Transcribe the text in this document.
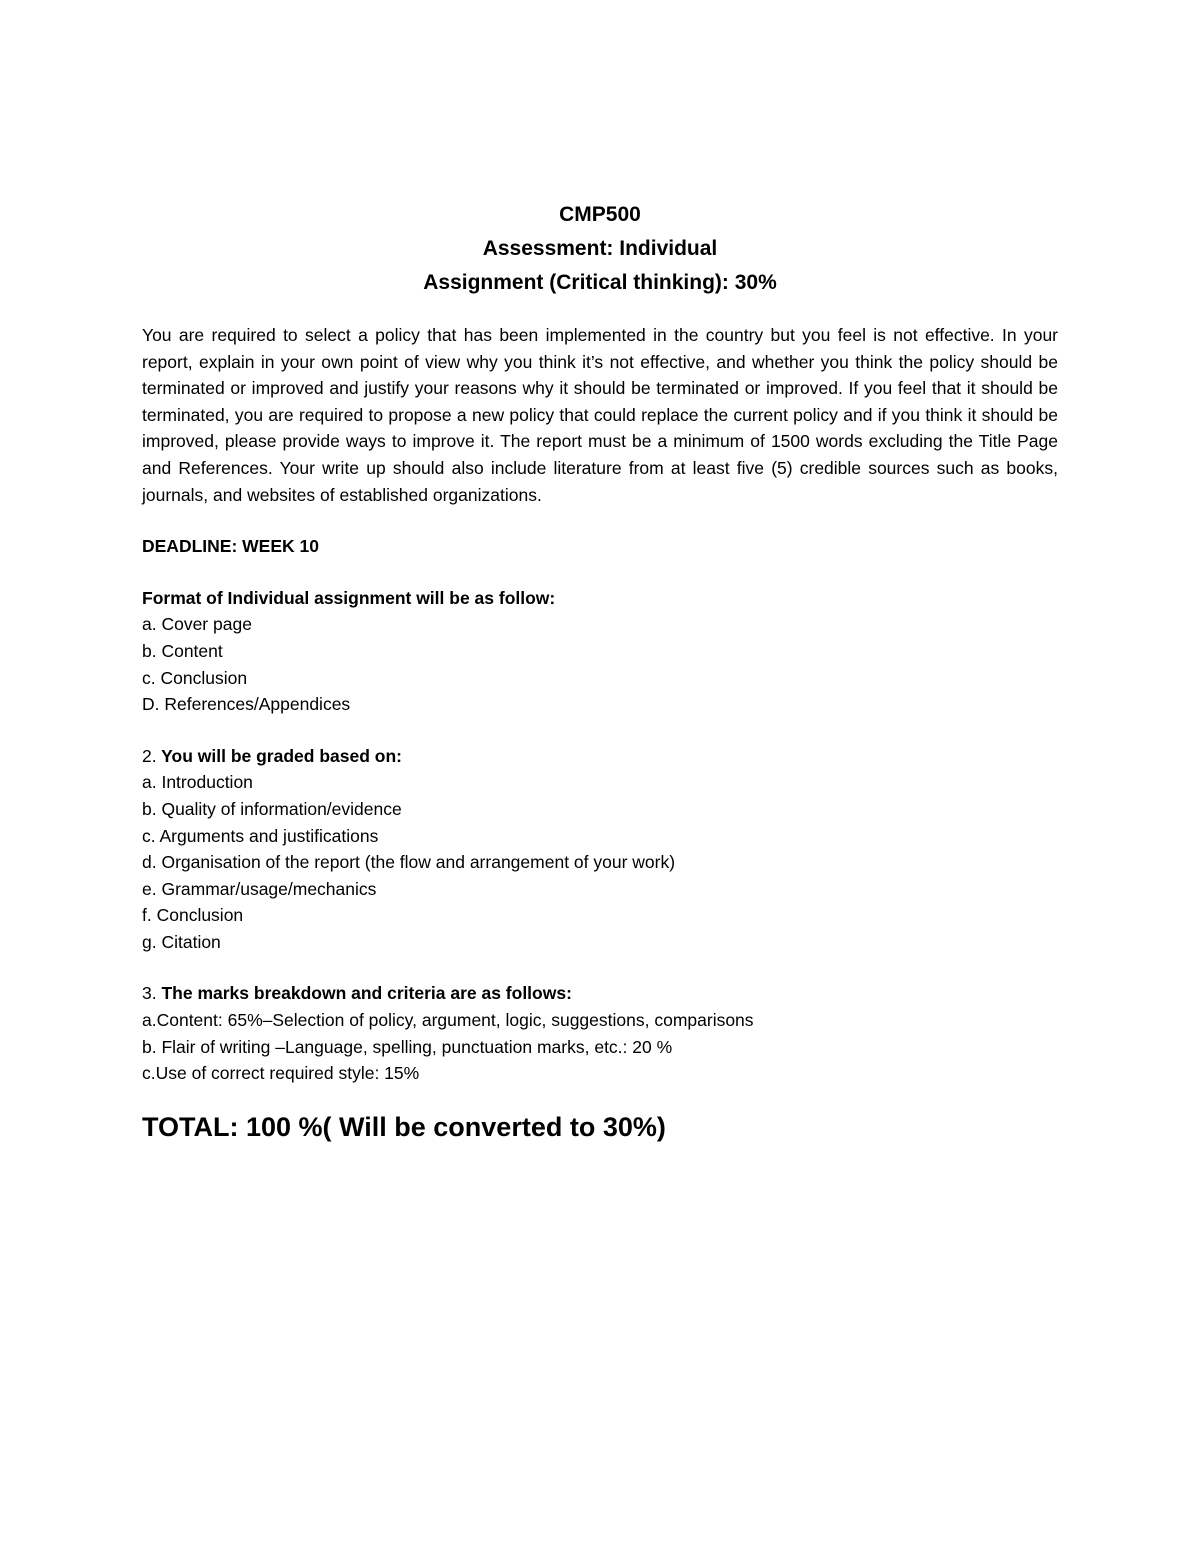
CMP500
Assessment: Individual
Assignment (Critical thinking): 30%
You are required to select a policy that has been implemented in the country but you feel is not effective. In your report, explain in your own point of view why you think it’s not effective, and whether you think the policy should be terminated or improved and justify your reasons why it should be terminated or improved. If you feel that it should be terminated, you are required to propose a new policy that could replace the current policy and if you think it should be improved, please provide ways to improve it. The report must be a minimum of 1500 words excluding the Title Page and References. Your write up should also include literature from at least five (5) credible sources such as books, journals, and websites of established organizations.
DEADLINE: WEEK 10
Format of Individual assignment will be as follow:
a. Cover page
b. Content
c. Conclusion
D. References/Appendices
2. You will be graded based on:
a. Introduction
b. Quality of information/evidence
c. Arguments and justifications
d. Organisation of the report (the flow and arrangement of your work)
e. Grammar/usage/mechanics
f. Conclusion
g. Citation
3. The marks breakdown and criteria are as follows:
a.Content: 65%–Selection of policy, argument, logic, suggestions, comparisons
b. Flair of writing –Language, spelling, punctuation marks, etc.: 20 %
c.Use of correct required style: 15%
TOTAL: 100 %( Will be converted to 30%)
